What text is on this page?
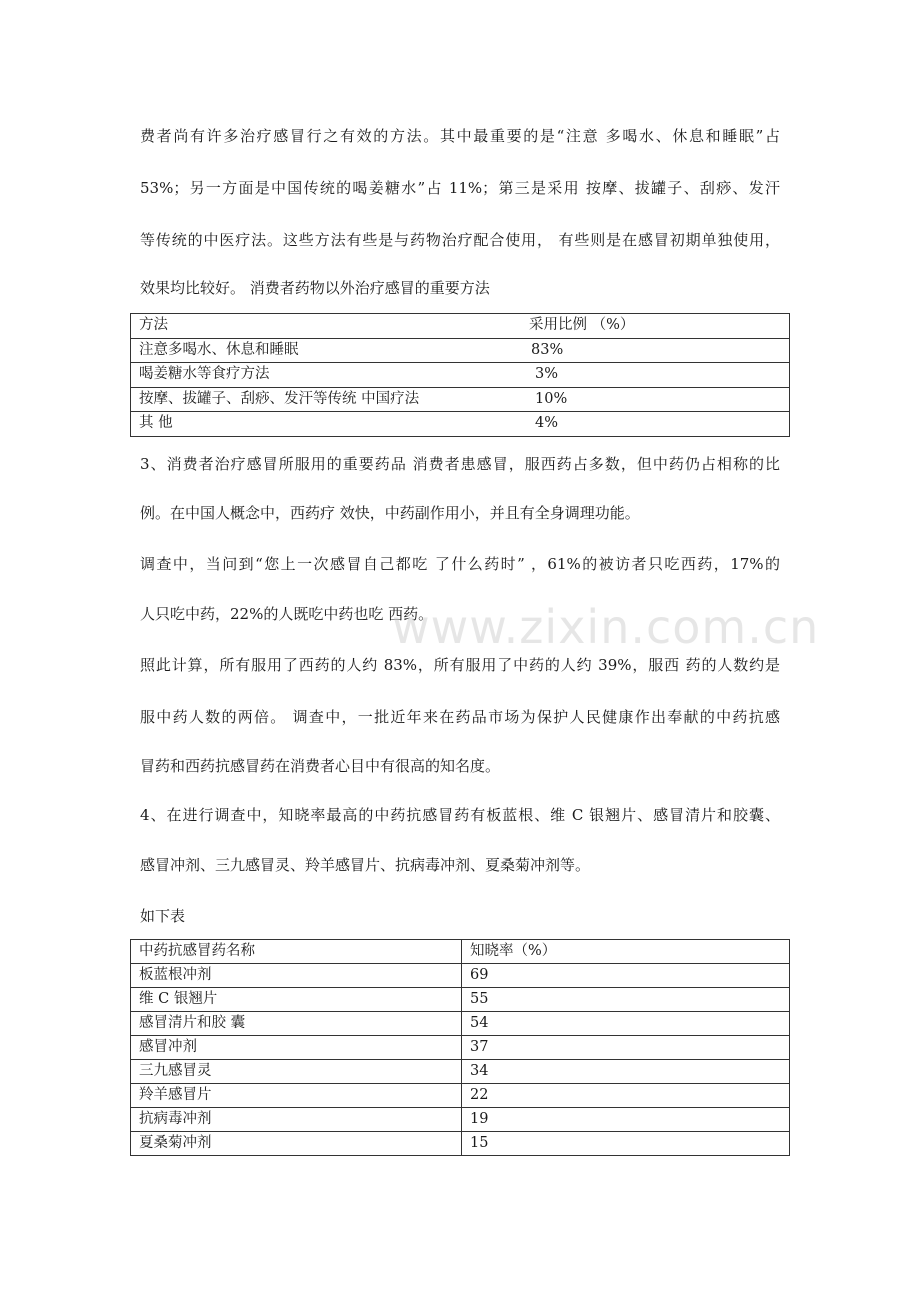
费者尚有许多治疗感冒行之有效的方法。其中最重要的是“注意 多喝水、休息和睡眠”占
53%；另一方面是中国传统的喝姜糖水”占 11%；第三是采用 按摩、拔罐子、刮痧、发汗
等传统的中医疗法。这些方法有些是与药物治疗配合使用， 有些则是在感冒初期单独使用，
效果均比较好。 消费者药物以外治疗感冒的重要方法
方法	采用比例 （%）
注意多喝水、休息和睡眠	83%
喝姜糖水等食疗方法	3%
按摩、拔罐子、刮痧、发汗等传统 中国疗法	10%
其 他	4%
3、消费者治疗感冒所服用的重要药品 消费者患感冒，服西药占多数，但中药仍占相称的比
例。在中国人概念中，西药疗 效快，中药副作用小，并且有全身调理功能。
调查中，当问到“您上一次感冒自己都吃 了什么药时” ，61%的被访者只吃西药，17%的
人只吃中药，22%的人既吃中药也吃 西药。
照此计算，所有服用了西药的人约 83%，所有服用了中药的人约 39%，服西 药的人数约是
服中药人数的两倍。 调查中，一批近年来在药品市场为保护人民健康作出奉献的中药抗感
冒药和西药抗感冒药在消费者心目中有很高的知名度。
4、在进行调查中，知晓率最高的中药抗感冒药有板蓝根、维 C 银翘片、感冒清片和胶囊、
感冒冲剂、三九感冒灵、羚羊感冒片、抗病毒冲剂、夏桑菊冲剂等。
如下表
中药抗感冒药名称	知晓率（%）
板蓝根冲剂	69
维 C 银翘片	55
感冒清片和胶 囊	54
感冒冲剂	37
三九感冒灵	34
羚羊感冒片	22
抗病毒冲剂	19
夏桑菊冲剂	15
www.zixin.com.cn
